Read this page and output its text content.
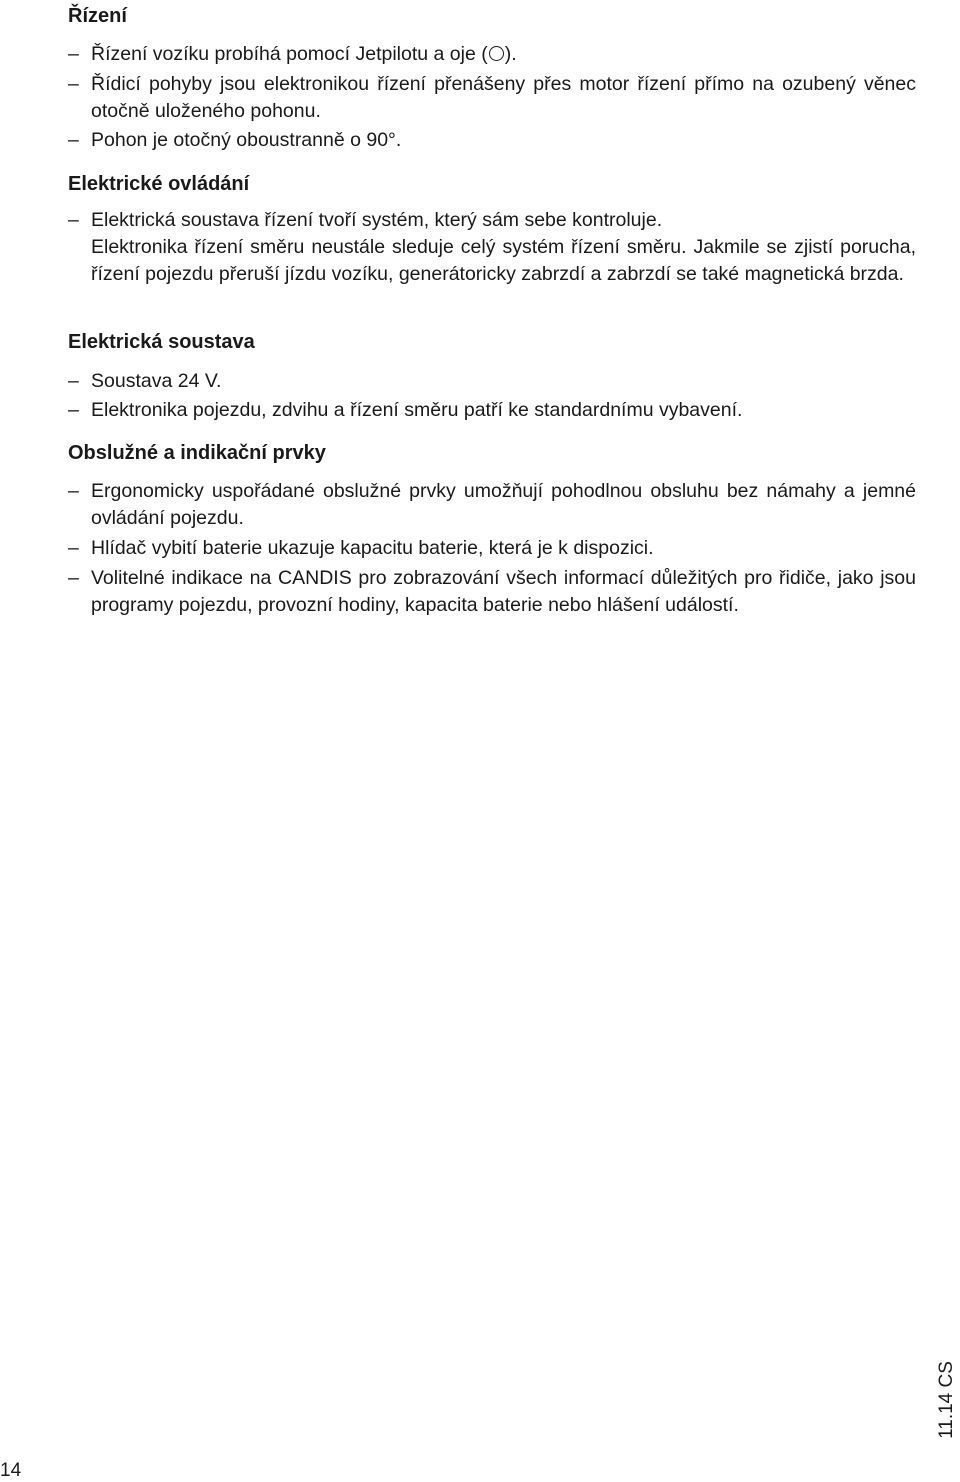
Řízení
– Řízení vozíku probíhá pomocí Jetpilotu a oje ( ).
– Řídicí pohyby jsou elektronikou řízení přenášeny přes motor řízení přímo na ozubený věnec otočně uloženého pohonu.
– Pohon je otočný oboustranně o 90°.
Elektrické ovládání
– Elektrická soustava řízení tvoří systém, který sám sebe kontroluje.
Elektronika řízení směru neustále sleduje celý systém řízení směru. Jakmile se zjistí porucha, řízení pojezdu přeruší jízdu vozíku, generátoricky zabrzdí a zabrzdí se také magnetická brzda.
Elektrická soustava
– Soustava 24 V.
– Elektronika pojezdu, zdvihu a řízení směru patří ke standardnímu vybavení.
Obslužné a indikační prvky
– Ergonomicky uspořádané obslužné prvky umožňují pohodlnou obsluhu bez námahy a jemné ovládání pojezdu.
– Hlídač vybití baterie ukazuje kapacitu baterie, která je k dispozici.
– Volitelné indikace na CANDIS pro zobrazování všech informací důležitých pro řidiče, jako jsou programy pojezdu, provozní hodiny, kapacita baterie nebo hlášení událostí.
11.14 CS
14
